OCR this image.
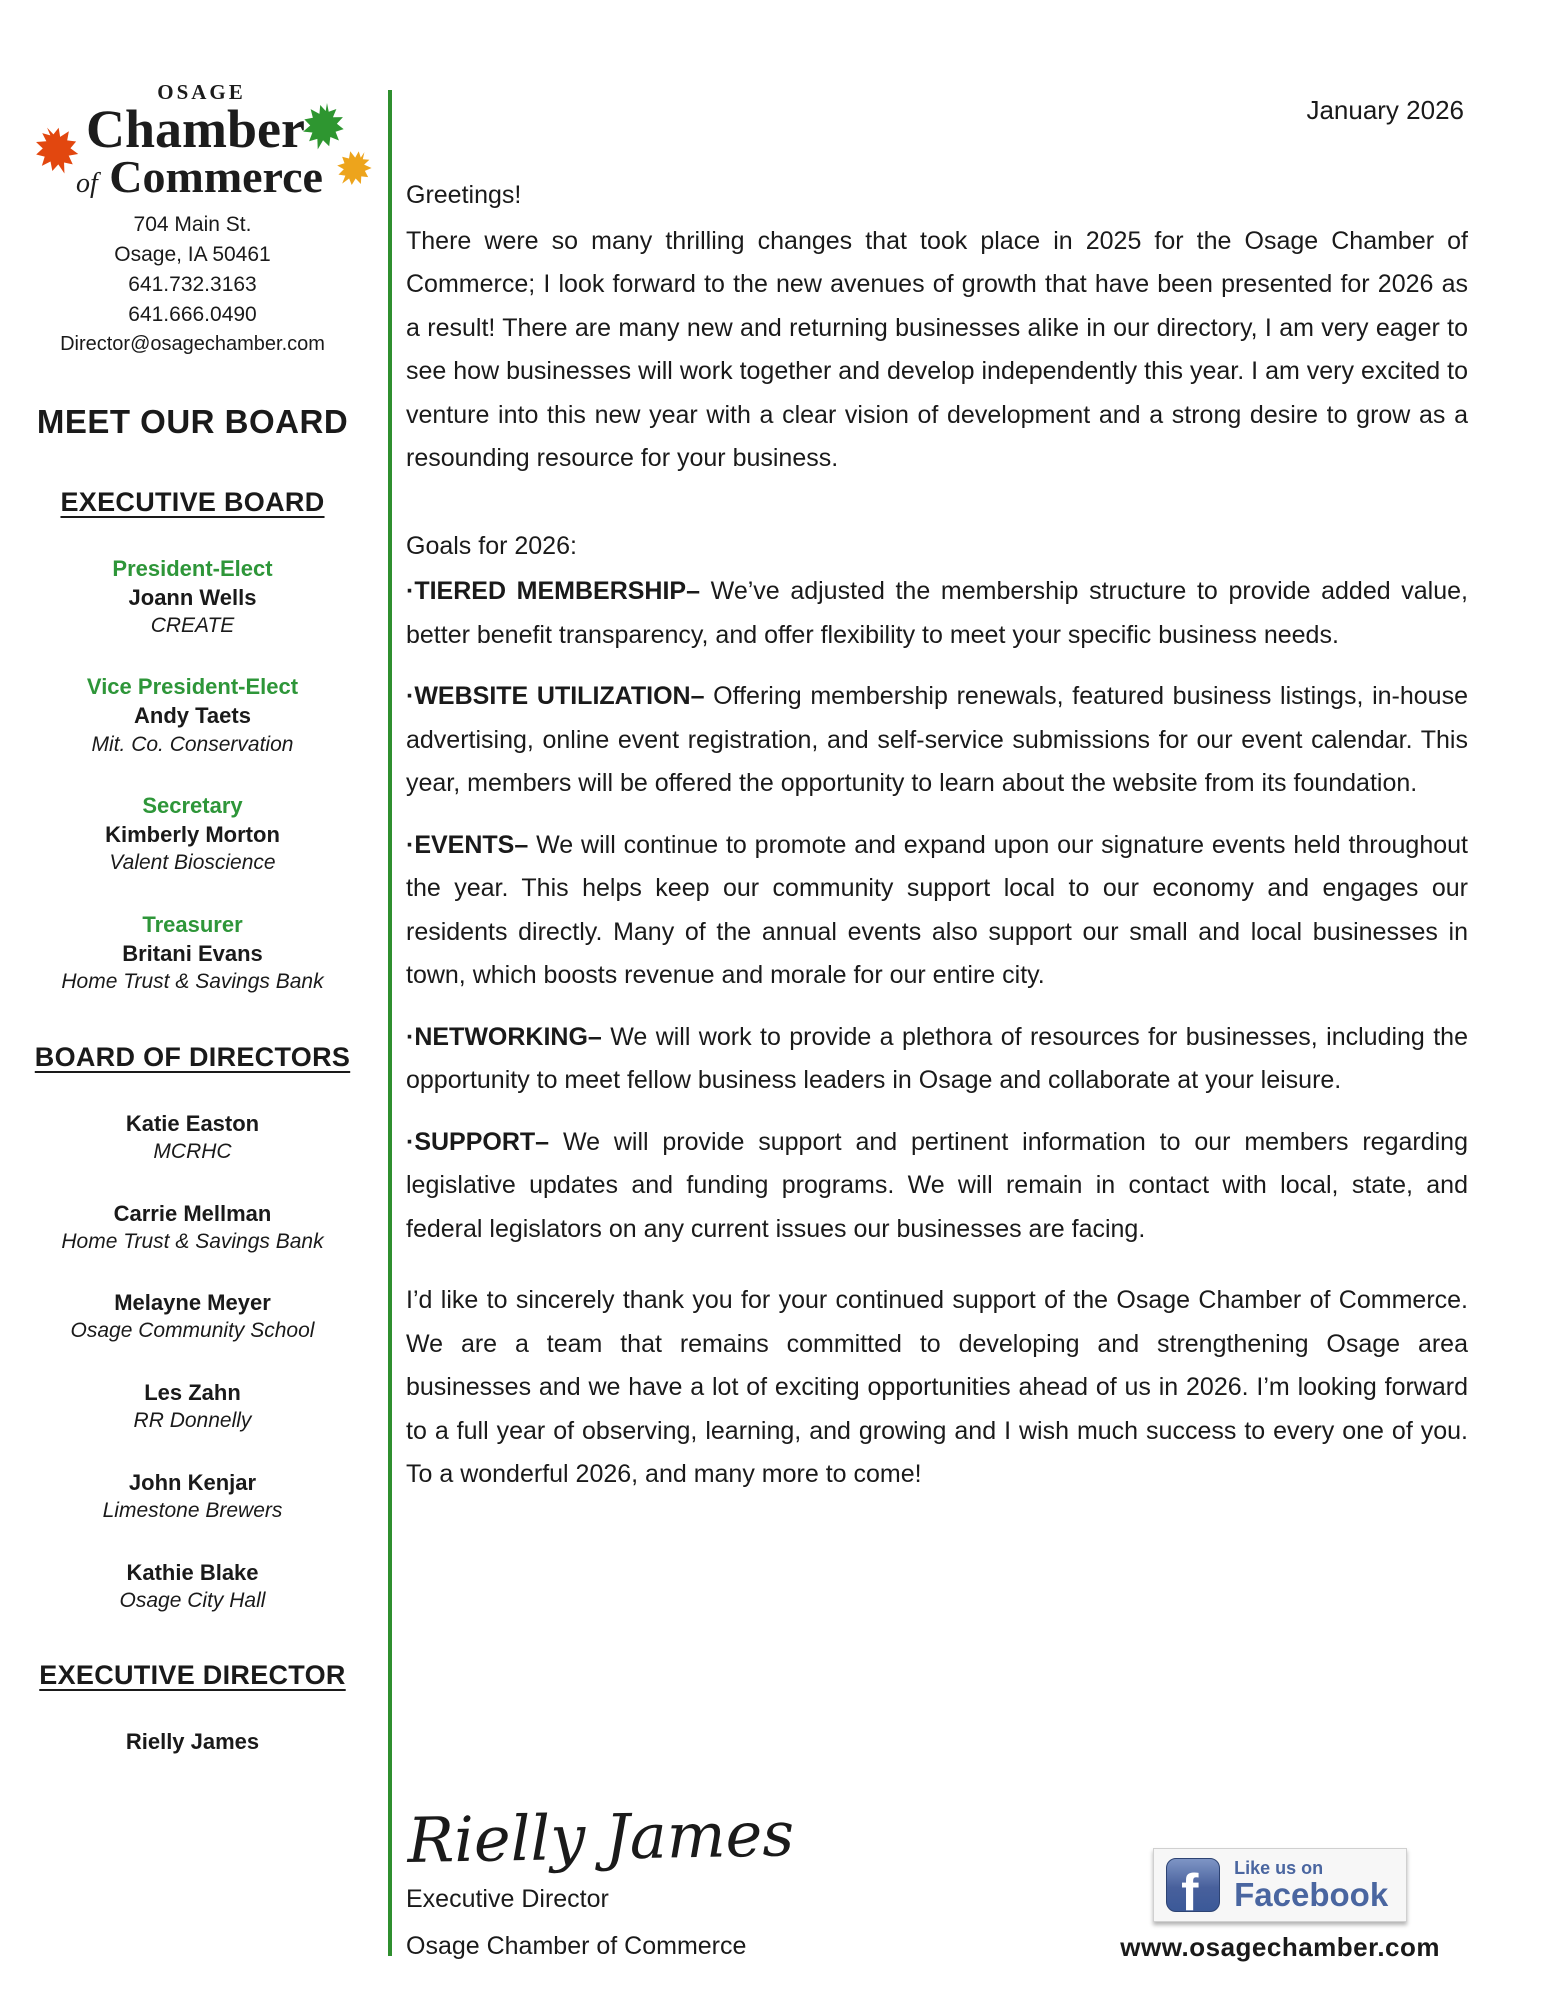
OSAGE
Chamber
of Commerce
704 Main St.
Osage, IA 50461
641.732.3163
641.666.0490
Director@osagechamber.com
MEET OUR BOARD
EXECUTIVE BOARD
President-Elect
Joann Wells
CREATE
Vice President-Elect
Andy Taets
Mit. Co. Conservation
Secretary
Kimberly Morton
Valent Bioscience
Treasurer
Britani Evans
Home Trust & Savings Bank
BOARD OF DIRECTORS
Katie Easton
MCRHC
Carrie Mellman
Home Trust & Savings Bank
Melayne Meyer
Osage Community School
Les Zahn
RR Donnelly
John Kenjar
Limestone Brewers
Kathie Blake
Osage City Hall
EXECUTIVE DIRECTOR
Rielly James
January 2026

Greetings!

There were so many thrilling changes that took place in 2025 for the Osage Chamber of Commerce; I look forward to the new avenues of growth that have been presented for 2026 as a result! There are many new and returning businesses alike in our directory, I am very eager to see how businesses will work together and develop independently this year. I am very excited to venture into this new year with a clear vision of development and a strong desire to grow as a resounding resource for your business.

Goals for 2026:

·TIERED MEMBERSHIP– We’ve adjusted the membership structure to provide added value, better benefit transparency, and offer flexibility to meet your specific business needs.

·WEBSITE UTILIZATION– Offering membership renewals, featured business listings, in-house advertising, online event registration, and self-service submissions for our event calendar. This year, members will be offered the opportunity to learn about the website from its foundation.

·EVENTS– We will continue to promote and expand upon our signature events held throughout the year. This helps keep our community support local to our economy and engages our residents directly. Many of the annual events also support our small and local businesses in town, which boosts revenue and morale for our entire city.

·NETWORKING– We will work to provide a plethora of resources for businesses, including the opportunity to meet fellow business leaders in Osage and collaborate at your leisure.

·SUPPORT– We will provide support and pertinent information to our members regarding legislative updates and funding programs. We will remain in contact with local, state, and federal legislators on any current issues our businesses are facing.

I’d like to sincerely thank you for your continued support of the Osage Chamber of Commerce. We are a team that remains committed to developing and strengthening Osage area businesses and we have a lot of exciting opportunities ahead of us in 2026. I’m looking forward to a full year of observing, learning, and growing and I wish much success to every one of you. To a wonderful 2026, and many more to come!

Rielly James
Executive Director
Osage Chamber of Commerce
f Like us on
Facebook
www.osagechamber.com
